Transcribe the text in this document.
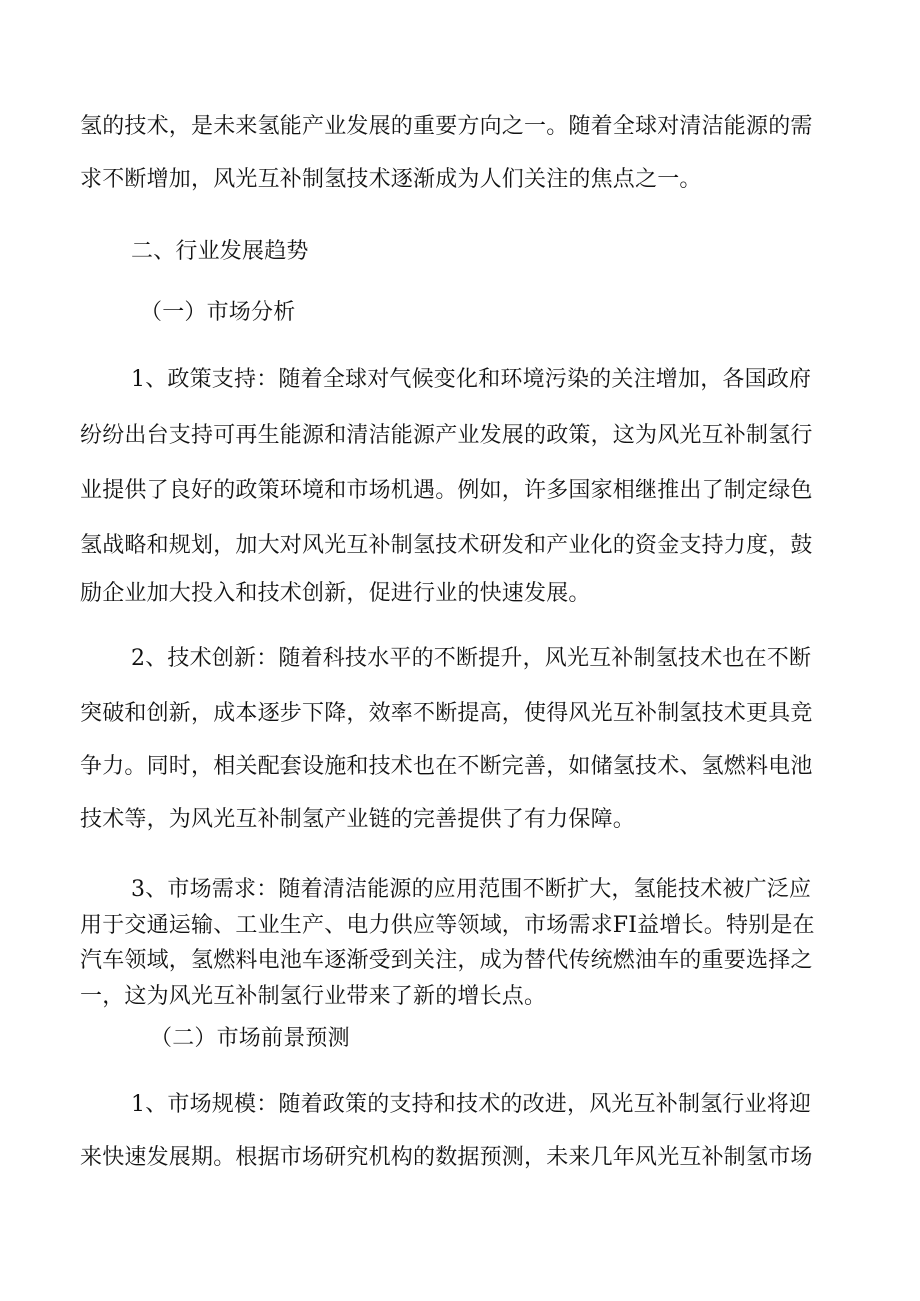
氢的技术，是未来氢能产业发展的重要方向之一。随着全球对清洁能源的需
求不断增加，风光互补制氢技术逐渐成为人们关注的焦点之一。
二、行业发展趋势
（一）市场分析
1、政策支持：随着全球对气候变化和环境污染的关注增加，各国政府
纷纷出台支持可再生能源和清洁能源产业发展的政策，这为风光互补制氢行
业提供了良好的政策环境和市场机遇。例如，许多国家相继推出了制定绿色
氢战略和规划，加大对风光互补制氢技术研发和产业化的资金支持力度，鼓
励企业加大投入和技术创新，促进行业的快速发展。
2、技术创新：随着科技水平的不断提升，风光互补制氢技术也在不断
突破和创新，成本逐步下降，效率不断提高，使得风光互补制氢技术更具竞
争力。同时，相关配套设施和技术也在不断完善，如储氢技术、氢燃料电池
技术等，为风光互补制氢产业链的完善提供了有力保障。
3、市场需求：随着清洁能源的应用范围不断扩大，氢能技术被广泛应
用于交通运输、工业生产、电力供应等领域，市场需求FI益增长。特别是在
汽车领域，氢燃料电池车逐渐受到关注，成为替代传统燃油车的重要选择之
一，这为风光互补制氢行业带来了新的增长点。
（二）市场前景预测
1、市场规模：随着政策的支持和技术的改进，风光互补制氢行业将迎
来快速发展期。根据市场研究机构的数据预测，未来几年风光互补制氢市场
